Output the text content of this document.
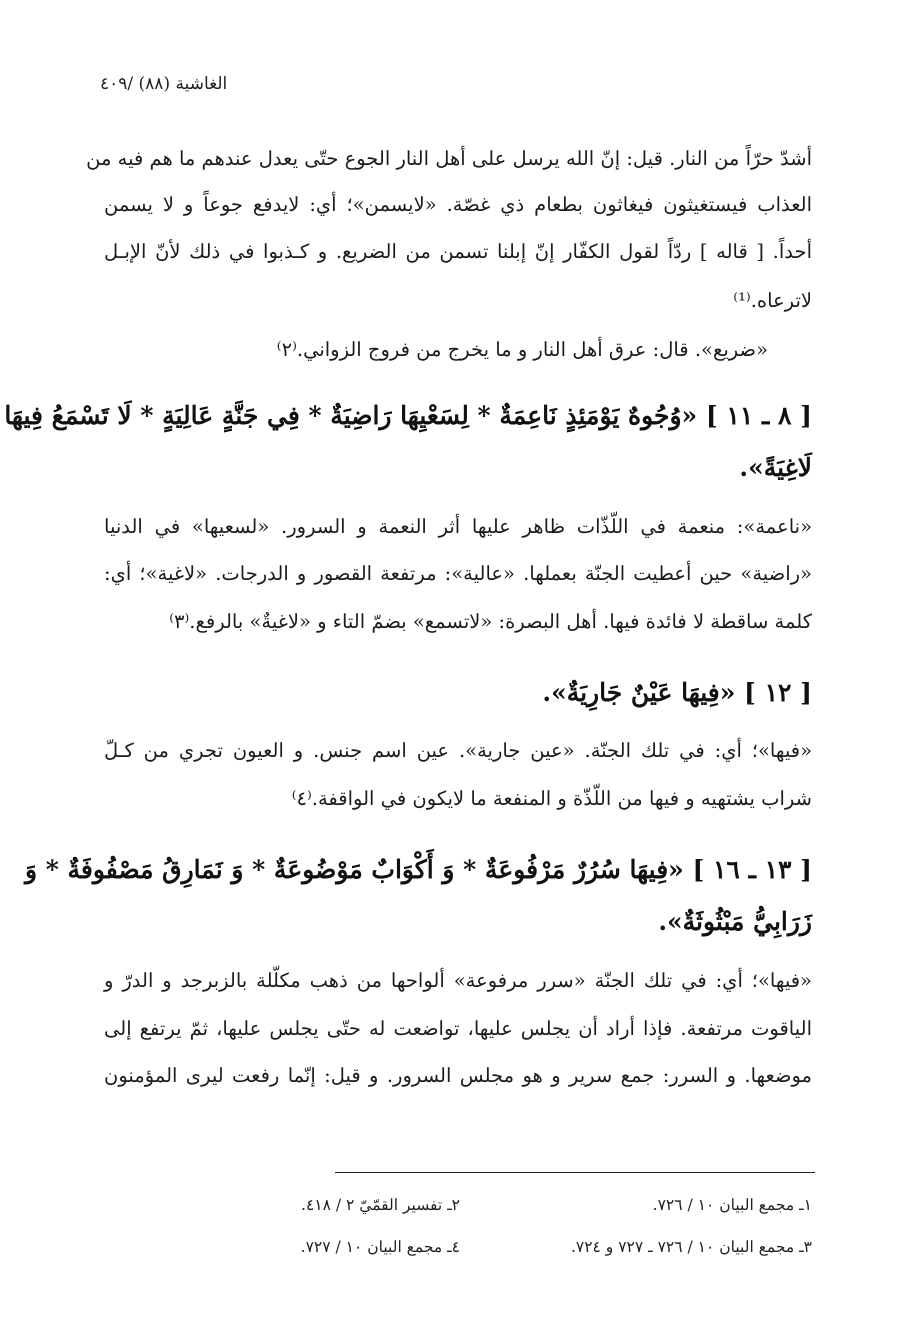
الغاشية (٨٨) /٤٠٩
أشدّ حرّاً من النار. قيل: إنّ الله يرسل على أهل النار الجوع حتّى يعدل عندهم ما هم فيه من
العذاب فيستغيثون فيغاثون بطعام ذي غصّة. «لايسمن»؛ أي: لايدفع جوعاً و لا يسمن
أحداً. [ قاله ] ردّاً لقول الكفّار إنّ إبلنا تسمن من الضريع. و كـذبوا في ذلك لأنّ الإبـل
لاترعاه.⁽¹⁾
«ضريع». قال: عرق أهل النار و ما يخرج من فروج الزواني.⁽٢⁾
[ ٨ ـ ١١ ] «وُجُوهٌ يَوْمَئِذٍ نَاعِمَةٌ * لِسَعْيِهَا رَاضِيَةٌ * فِي جَنَّةٍ عَالِيَةٍ * لَا تَسْمَعُ فِيهَا
لَاغِيَةً».
«ناعمة»: منعمة في اللّذّات ظاهر عليها أثر النعمة و السرور. «لسعيها» في الدنيا
«راضية» حين أعطيت الجنّة بعملها. «عالية»: مرتفعة القصور و الدرجات. «لاغية»؛ أي:
كلمة ساقطة لا فائدة فيها. أهل البصرة: «لاتسمع» بضمّ التاء و «لاغيةٌ» بالرفع.⁽٣⁾
[ ١٢ ] «فِيهَا عَيْنٌ جَارِيَةٌ».
«فيها»؛ أي: في تلك الجنّة. «عين جارية». عين اسم جنس. و العيون تجري من كـلّ
شراب يشتهيه و فيها من اللّذّة و المنفعة ما لايكون في الواقفة.⁽٤⁾
[ ١٣ ـ ١٦ ] «فِيهَا سُرُرٌ مَرْفُوعَةٌ * وَ أَكْوَابٌ مَوْضُوعَةٌ * وَ نَمَارِقُ مَصْفُوفَةٌ * وَ
زَرَابِيُّ مَبْثُوثَةٌ».
«فيها»؛ أي: في تلك الجنّة «سرر مرفوعة» ألواحها من ذهب مكلّلة بالزبرجد و الدرّ و
الياقوت مرتفعة. فإذا أراد أن يجلس عليها، تواضعت له حتّى يجلس عليها، ثمّ يرتفع إلى
موضعها. و السرر: جمع سرير و هو مجلس السرور. و قيل: إنّما رفعت ليرى المؤمنون
١ـ مجمع البيان ١٠ / ٧٢٦.
٢ـ تفسير القمّيّ ٢ / ٤١٨.
٣ـ مجمع البيان ١٠ / ٧٢٦ ـ ٧٢٧ و ٧٢٤.
٤ـ مجمع البيان ١٠ / ٧٢٧.
